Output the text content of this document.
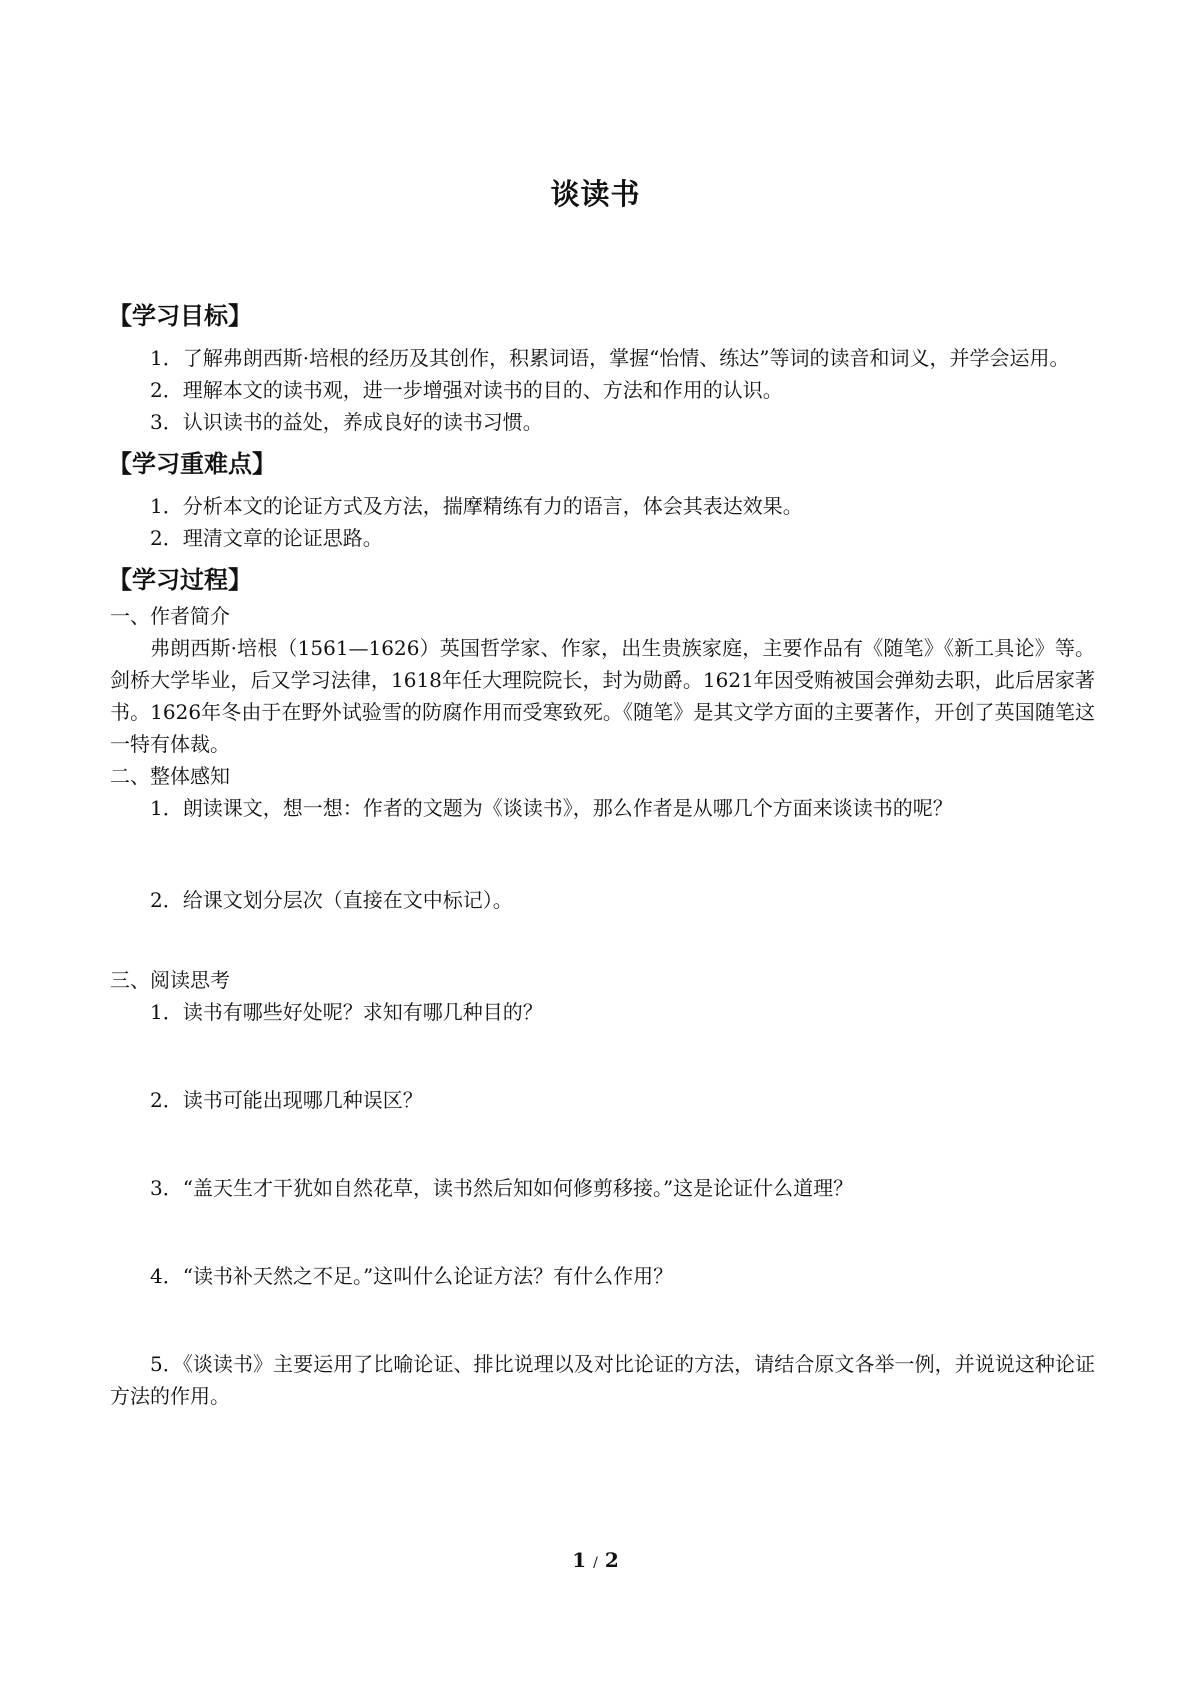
谈读书
【学习目标】
1．了解弗朗西斯·培根的经历及其创作，积累词语，掌握“怡情、练达”等词的读音和词义，并学会运用。
2．理解本文的读书观，进一步增强对读书的目的、方法和作用的认识。
3．认识读书的益处，养成良好的读书习惯。
【学习重难点】
1．分析本文的论证方式及方法，揣摩精练有力的语言，体会其表达效果。
2．理清文章的论证思路。
【学习过程】
一、作者简介
弗朗西斯·培根（1561—1626）英国哲学家、作家，出生贵族家庭，主要作品有《随笔》《新工具论》等。剑桥大学毕业，后又学习法律，1618年任大理院院长，封为勋爵。1621年因受贿被国会弹劾去职，此后居家著书。1626年冬由于在野外试验雪的防腐作用而受寒致死。《随笔》是其文学方面的主要著作，开创了英国随笔这一特有体裁。
二、整体感知
1．朗读课文，想一想：作者的文题为《谈读书》，那么作者是从哪几个方面来谈读书的呢？
2．给课文划分层次（直接在文中标记）。
三、阅读思考
1．读书有哪些好处呢？求知有哪几种目的？
2．读书可能出现哪几种误区？
3．“盖天生才干犹如自然花草，读书然后知如何修剪移接。”这是论证什么道理？
4．“读书补天然之不足。”这叫什么论证方法？有什么作用？
5．《谈读书》主要运用了比喻论证、排比说理以及对比论证的方法，请结合原文各举一例，并说说这种论证方法的作用。
1 / 2
